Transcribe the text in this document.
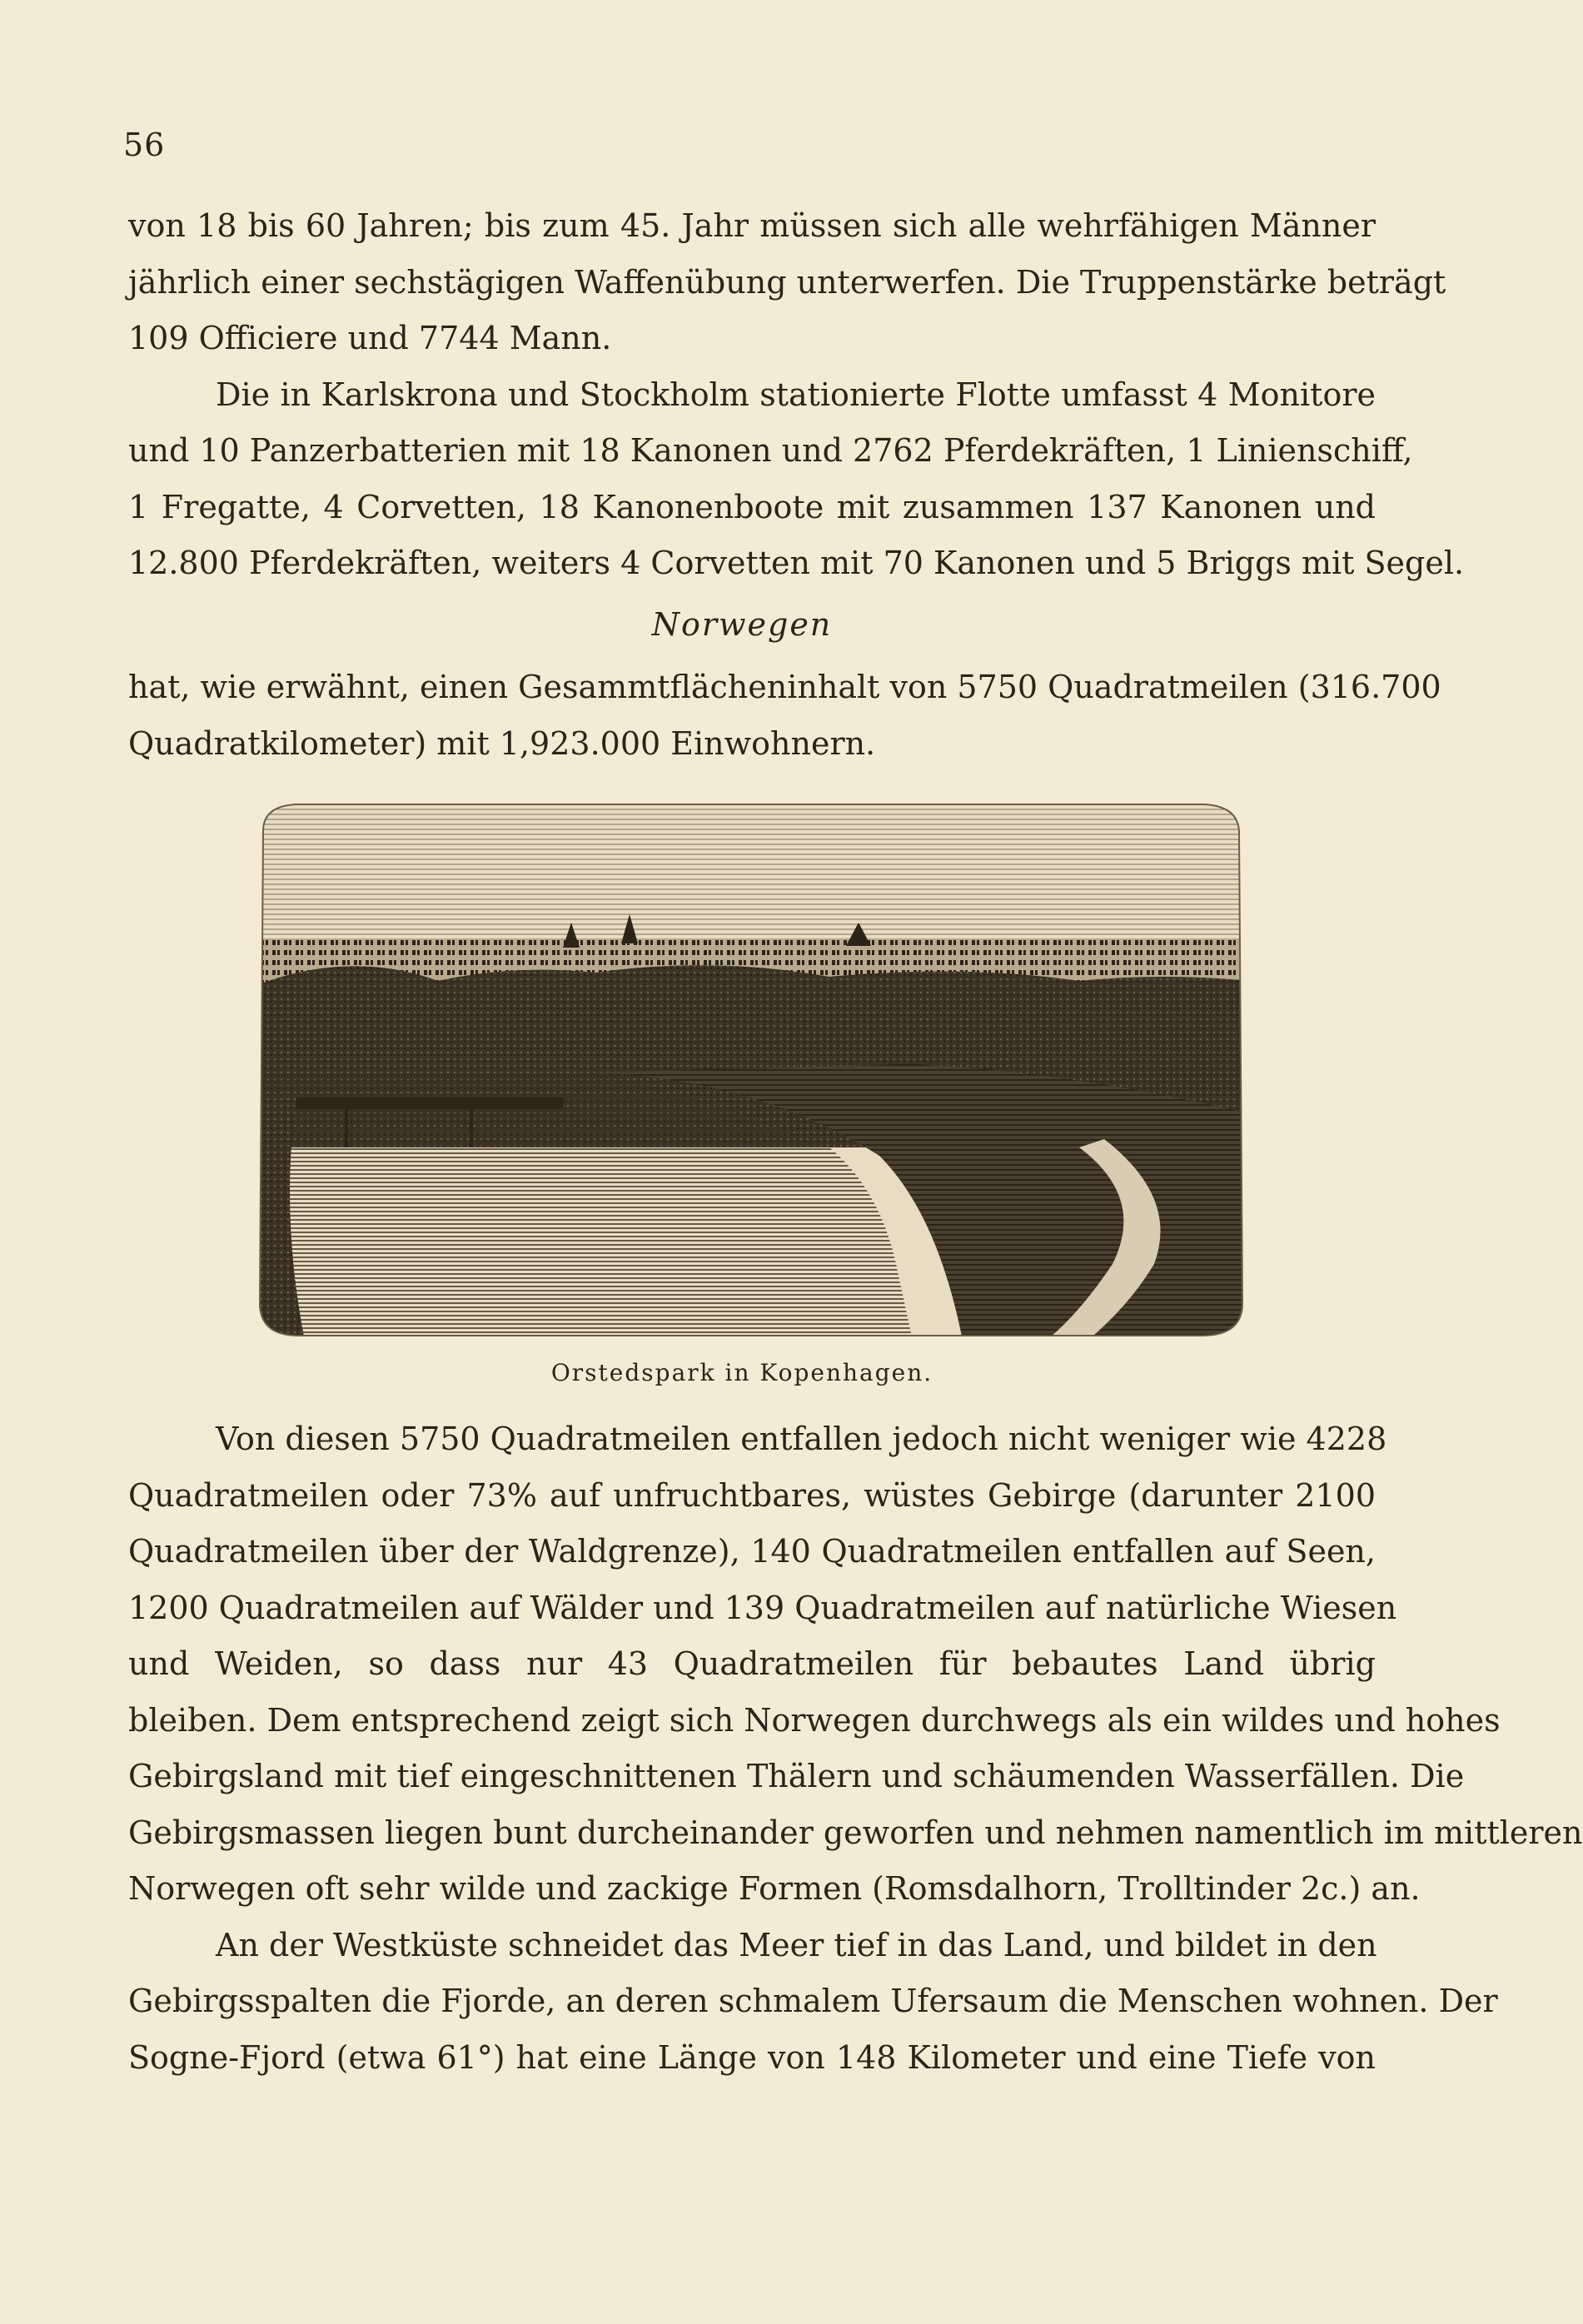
56
von 18 bis 60 Jahren; bis zum 45. Jahr müssen sich alle wehrfähigen Männer
jährlich einer sechstägigen Waffenübung unterwerfen. Die Truppenstärke beträgt
109 Officiere und 7744 Mann.
Die in Karlskrona und Stockholm stationierte Flotte umfasst 4 Monitore
und 10 Panzerbatterien mit 18 Kanonen und 2762 Pferdekräften, 1 Linienschiff,
1 Fregatte, 4 Corvetten, 18 Kanonenboote mit zusammen 137 Kanonen und
12.800 Pferdekräften, weiters 4 Corvetten mit 70 Kanonen und 5 Briggs mit Segel.
Norwegen
hat, wie erwähnt, einen Gesammtflächeninhalt von 5750 Quadratmeilen (316.700
Quadratkilometer) mit 1,923.000 Einwohnern.
Orstedspark in Kopenhagen.
Von diesen 5750 Quadratmeilen entfallen jedoch nicht weniger wie 4228
Quadratmeilen oder 73% auf unfruchtbares, wüstes Gebirge (darunter 2100
Quadratmeilen über der Waldgrenze), 140 Quadratmeilen entfallen auf Seen,
1200 Quadratmeilen auf Wälder und 139 Quadratmeilen auf natürliche Wiesen
und Weiden, so dass nur 43 Quadratmeilen für bebautes Land übrig
bleiben. Dem entsprechend zeigt sich Norwegen durchwegs als ein wildes und hohes
Gebirgsland mit tief eingeschnittenen Thälern und schäumenden Wasserfällen. Die
Gebirgsmassen liegen bunt durcheinander geworfen und nehmen namentlich im mittleren
Norwegen oft sehr wilde und zackige Formen (Romsdalhorn, Trolltinder 2c.) an.
An der Westküste schneidet das Meer tief in das Land, und bildet in den
Gebirgsspalten die Fjorde, an deren schmalem Ufersaum die Menschen wohnen. Der
Sogne-Fjord (etwa 61°) hat eine Länge von 148 Kilometer und eine Tiefe von
